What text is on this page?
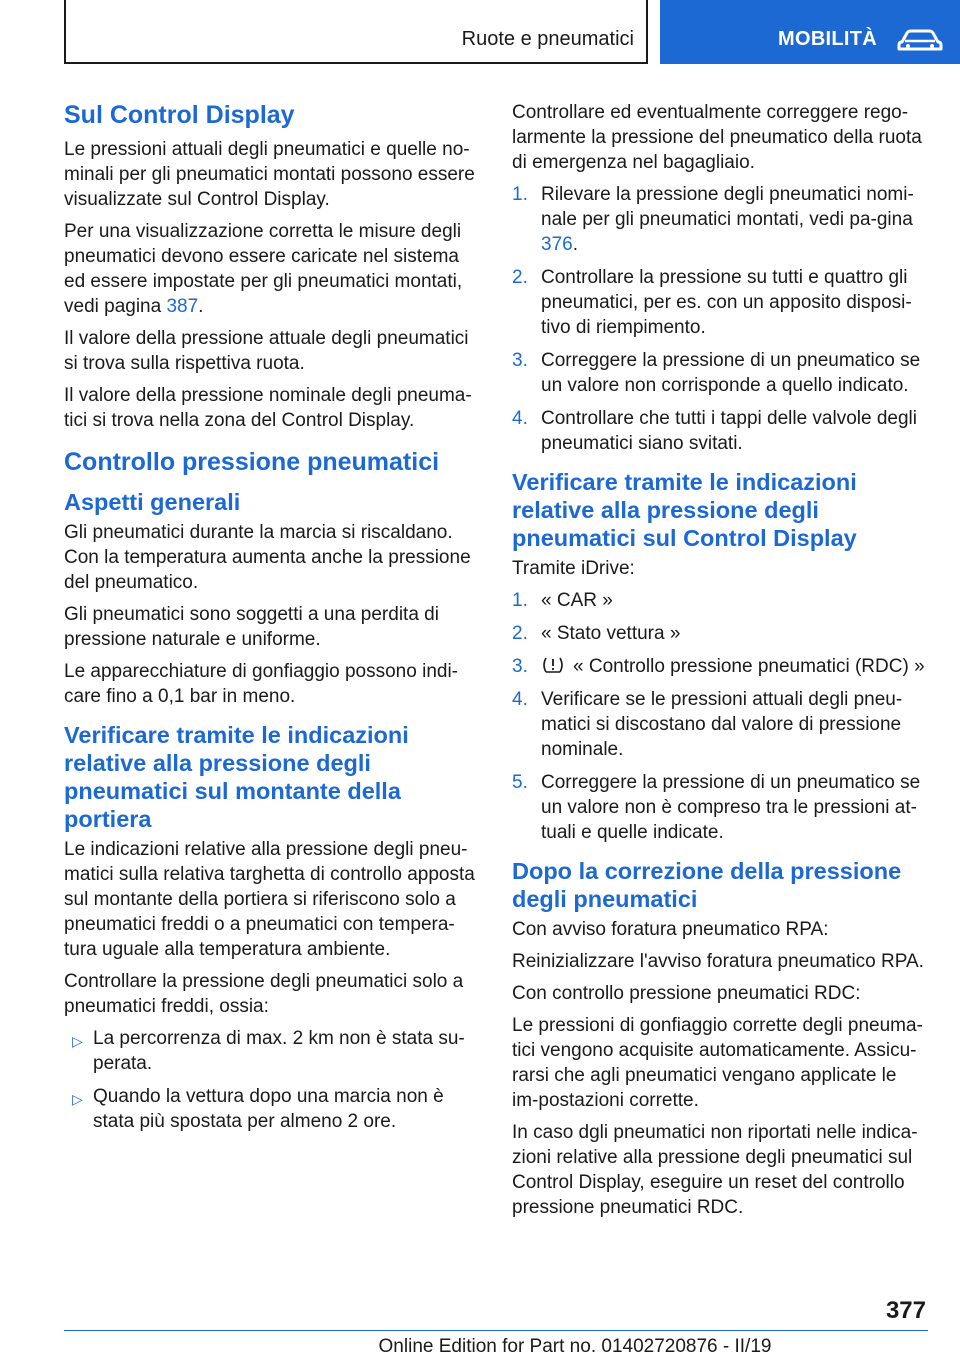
Ruote e pneumatici	MOBILITÀ
Sul Control Display

Le pressioni attuali degli pneumatici e quelle no-minali per gli pneumatici montati possono essere visualizzate sul Control Display.

Per una visualizzazione corretta le misure degli pneumatici devono essere caricate nel sistema ed essere impostate per gli pneumatici montati, vedi pagina 387.

Il valore della pressione attuale degli pneumatici si trova sulla rispettiva ruota.

Il valore della pressione nominale degli pneuma-tici si trova nella zona del Control Display.

Controllo pressione pneumatici
Aspetti generali

Gli pneumatici durante la marcia si riscaldano. Con la temperatura aumenta anche la pressione del pneumatico.

Gli pneumatici sono soggetti a una perdita di pressione naturale e uniforme.

Le apparecchiature di gonfiaggio possono indi-care fino a 0,1 bar in meno.

Verificare tramite le indicazioni relative alla pressione degli pneumatici sul montante della portiera

Le indicazioni relative alla pressione degli pneu-matici sulla relativa targhetta di controllo apposta sul montante della portiera si riferiscono solo a pneumatici freddi o a pneumatici con tempera-tura uguale alla temperatura ambiente.

Controllare la pressione degli pneumatici solo a pneumatici freddi, ossia:

▷ La percorrenza di max. 2 km non è stata su-perata.
▷ Quando la vettura dopo una marcia non è stata più spostata per almeno 2 ore.

Controllare ed eventualmente correggere rego-larmente la pressione del pneumatico della ruota di emergenza nel bagagliaio.

1. Rilevare la pressione degli pneumatici nomi-nale per gli pneumatici montati, vedi pa-gina 376.
2. Controllare la pressione su tutti e quattro gli pneumatici, per es. con un apposito disposi-tivo di riempimento.
3. Correggere la pressione di un pneumatico se un valore non corrisponde a quello indicato.
4. Controllare che tutti i tappi delle valvole degli pneumatici siano svitati.
Verificare tramite le indicazioni relative alla pressione degli pneumatici sul Control Display

Tramite iDrive:

1. « CAR »
2. « Stato vettura »
3. « Controllo pressione pneumatici (RDC) »
4. Verificare se le pressioni attuali degli pneu-matici si discostano dal valore di pressione nominale.
5. Correggere la pressione di un pneumatico se un valore non è compreso tra le pressioni at-tuali e quelle indicate.
Dopo la correzione della pressione degli pneumatici

Con avviso foratura pneumatico RPA:

Reinizializzare l'avviso foratura pneumatico RPA.

Con controllo pressione pneumatici RDC:

Le pressioni di gonfiaggio corrette degli pneuma-tici vengono acquisite automaticamente. Assicu-rarsi che agli pneumatici vengano applicate le im-postazioni corrette.

In caso dgli pneumatici non riportati nelle indica-zioni relative alla pressione degli pneumatici sul Control Display, eseguire un reset del controllo pressione pneumatici RDC.

377
Online Edition for Part no. 01402720876 - II/19
